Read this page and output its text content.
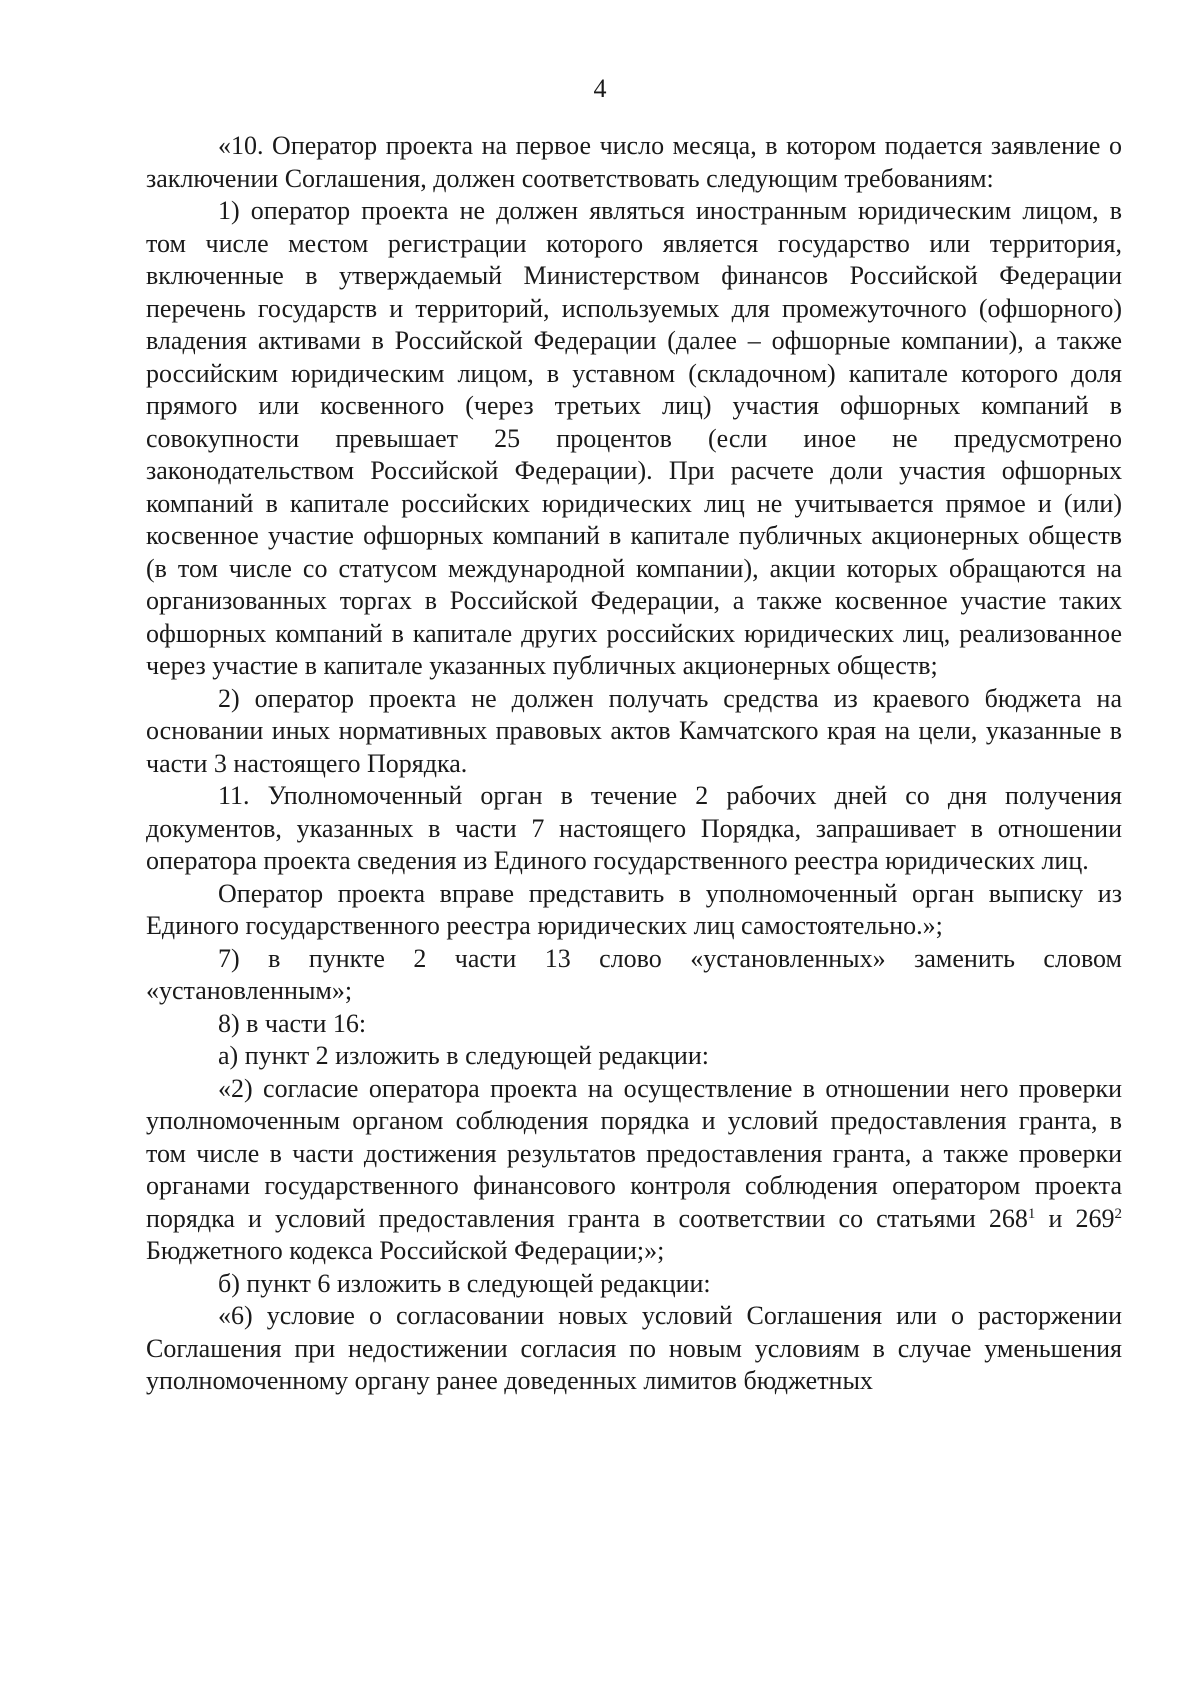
4

«10. Оператор проекта на первое число месяца, в котором подается заявление о заключении Соглашения, должен соответствовать следующим требованиям:

1) оператор проекта не должен являться иностранным юридическим лицом, в том числе местом регистрации которого является государство или территория, включенные в утверждаемый Министерством финансов Российской Федерации перечень государств и территорий, используемых для промежуточного (офшорного) владения активами в Российской Федерации (далее – офшорные компании), а также российским юридическим лицом, в уставном (складочном) капитале которого доля прямого или косвенного (через третьих лиц) участия офшорных компаний в совокупности превышает 25 процентов (если иное не предусмотрено законодательством Российской Федерации). При расчете доли участия офшорных компаний в капитале российских юридических лиц не учитывается прямое и (или) косвенное участие офшорных компаний в капитале публичных акционерных обществ (в том числе со статусом международной компании), акции которых обращаются на организованных торгах в Российской Федерации, а также косвенное участие таких офшорных компаний в капитале других российских юридических лиц, реализованное через участие в капитале указанных публичных акционерных обществ;

2) оператор проекта не должен получать средства из краевого бюджета на основании иных нормативных правовых актов Камчатского края на цели, указанные в части 3 настоящего Порядка.

11. Уполномоченный орган в течение 2 рабочих дней со дня получения документов, указанных в части 7 настоящего Порядка, запрашивает в отношении оператора проекта сведения из Единого государственного реестра юридических лиц.

Оператор проекта вправе представить в уполномоченный орган выписку из Единого государственного реестра юридических лиц самостоятельно.»;

7) в пункте 2 части 13 слово «установленных» заменить словом «установленным»;

8) в части 16:

а) пункт 2 изложить в следующей редакции:

«2) согласие оператора проекта на осуществление в отношении него проверки уполномоченным органом соблюдения порядка и условий предоставления гранта, в том числе в части достижения результатов предоставления гранта, а также проверки органами государственного финансового контроля соблюдения оператором проекта порядка и условий предоставления гранта в соответствии со статьями $268^1$ и $269^2$ Бюджетного кодекса Российской Федерации;»;

б) пункт 6 изложить в следующей редакции:

«6) условие о согласовании новых условий Соглашения или о расторжении Соглашения при недостижении согласия по новым условиям в случае уменьшения уполномоченному органу ранее доведенных лимитов бюджетных
